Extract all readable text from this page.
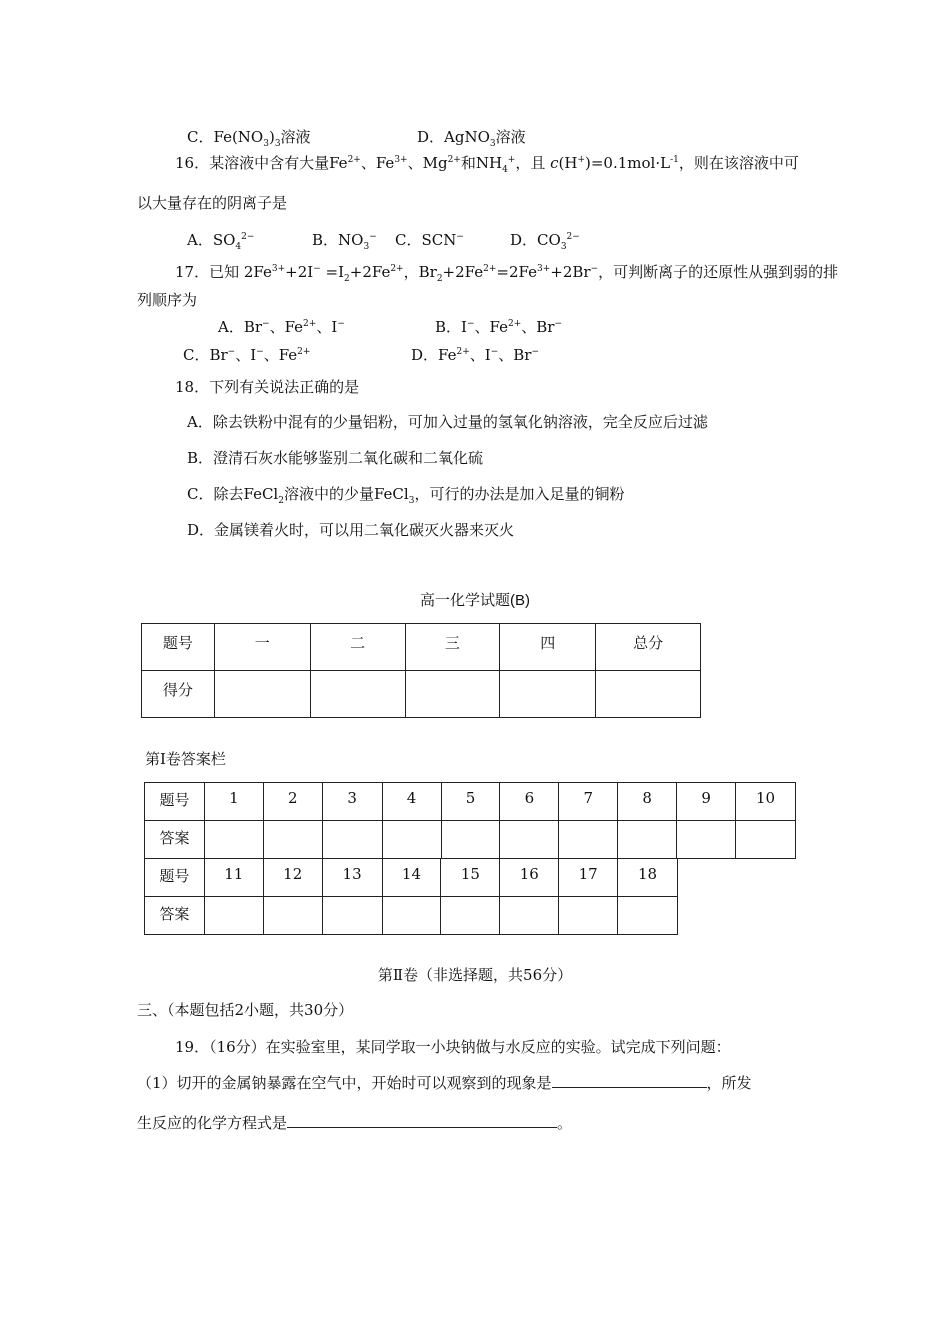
C．$Fe(NO_3)_3$溶液	D．AgNO$_3$溶液
16．某溶液中含有大量$Fe^{2+}$、$Fe^{3+}$、$Mg^{2+}$和$NH_4^+$，且 $c(H^+)=0.1mol\cdot L^{-1}$，则在该溶液中可
以大量存在的阴离子是
A．$SO_4^{2-}$	B．$NO_3^-$ C．SCN−	D．$CO_3^{2-}$
17．已知 $2Fe^{3+}+2I^- =I_2+2Fe^{2+}$，$Br_2+2Fe^{2+}=2Fe^{3+}+2Br^-$，可判断离子的还原性从强到弱的排
列顺序为
A．Br−、$Fe^{2+}$、I−	B．I−、$Fe^{2+}$、Br−
C．Br−、I−、$Fe^{2+}$	D．$Fe^{2+}$、I−、Br−
18．下列有关说法正确的是
A．除去铁粉中混有的少量铝粉，可加入过量的氢氧化钠溶液，完全反应后过滤
B．澄清石灰水能够鉴别二氧化碳和二氧化硫
C．除去FeCl$_2$溶液中的少量FeCl$_3$，可行的办法是加入足量的铜粉
D．金属镁着火时，可以用二氧化碳灭火器来灭火
高一化学试题(B)
题号	一	二	三	四	总分
得分					
第Ⅰ卷答案栏
题号	1	2	3	4	5	6	7	8	9	10
答案										
题号	11	12	13	14	15	16	17	18
答案								
第Ⅱ卷（非选择题，共56分）
三、（本题包括2小题，共30分）
19．（16分）在实验室里，某同学取一小块钠做与水反应的实验。试完成下列问题：
（1）切开的金属钠暴露在空气中，开始时可以观察到的现象是	，所发
生反应的化学方程式是	。
